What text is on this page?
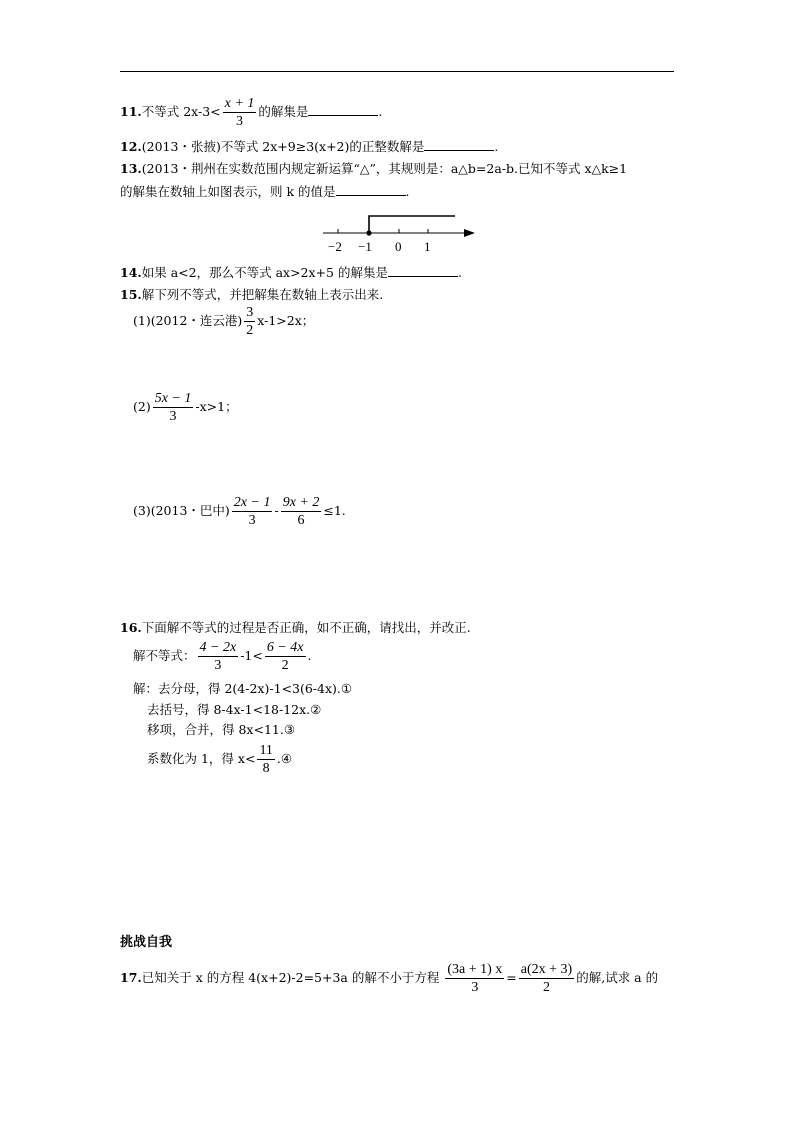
11.不等式 $2x-3< \frac{x + 1}{3}$ 的解集是	.
12.(2013・张掖)不等式 2x+9≥3(x+2)的正整数解是	.
13.(2013・荆州在实数范围内规定新运算“△”，其规则是：a△b=2a-b.已知不等式 x△k≥1
的解集在数轴上如图表示，则 k 的值是	.
−2 −1 0 1
14.如果 a<2，那么不等式 ax>2x+5 的解集是	.
15.解下列不等式，并把解集在数轴上表示出来.
(1)(2012・连云港) $\frac{3}{2} x-1>2x$；
$(2) \frac{5x - 1}{3} -x>1$；
(3)(2013・巴中) $\frac{2x - 1}{3} - \frac{9x + 2}{6} \le 1$.
16.下面解不等式的过程是否正确，如不正确，请找出，并改正.
解不等式： $\frac{4 - 2x}{3} -1< \frac{6 - 4x}{2}$ .
解：去分母，得 2(4-2x)-1<3(6-4x).①
去括号，得 8-4x-1<18-12x.②
移项，合并，得 8x<11.③
系数化为 1，得 $x< \frac{11}{8}$ .④
挑战自我
17.已知关于 x 的方程 4(x+2)-2=5+3a 的解不小于方程 $\frac{(3a + 1) x}{3} = \frac{a(2x + 3)}{2}$ 的解,试求 a 的
